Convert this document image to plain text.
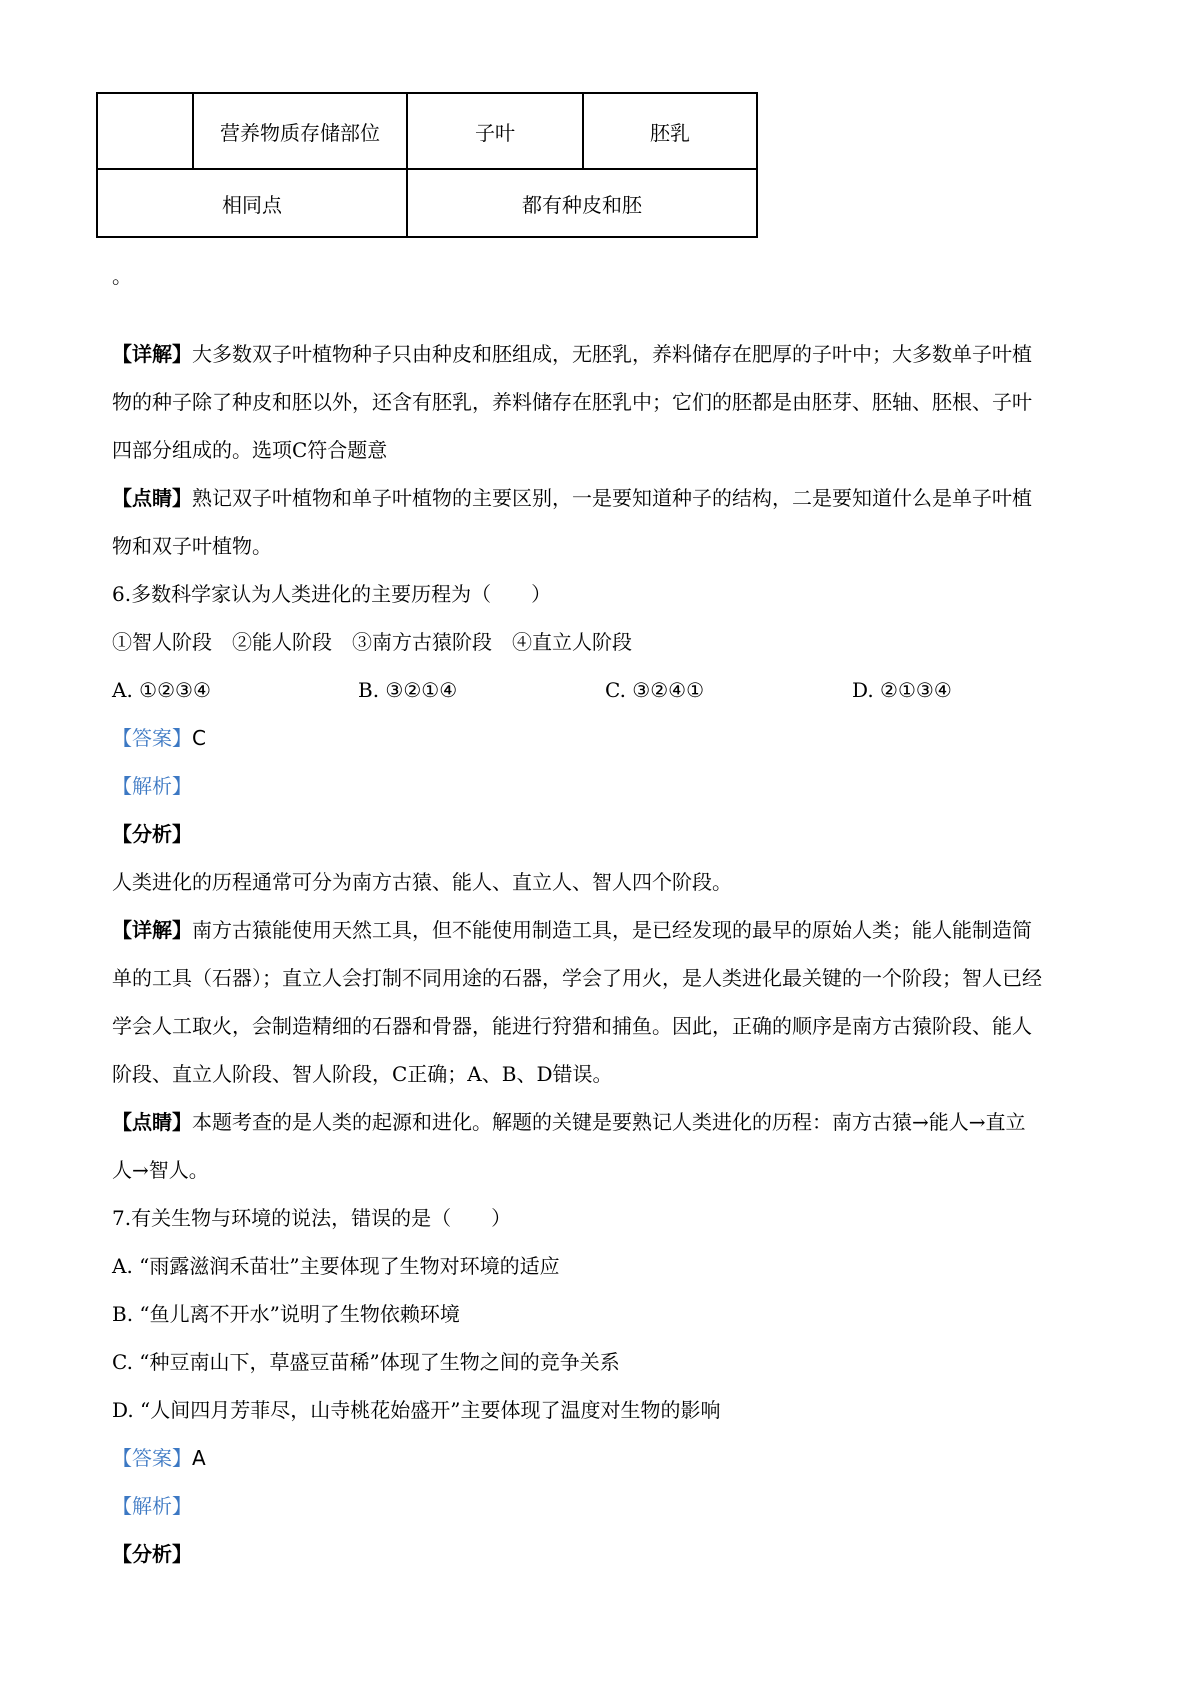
	营养物质存储部位	子叶	胚乳
相同点		都有种皮和胚	
。
【详解】大多数双子叶植物种子只由种皮和胚组成，无胚乳，养料储存在肥厚的子叶中；大多数单子叶植
物的种子除了种皮和胚以外，还含有胚乳，养料储存在胚乳中；它们的胚都是由胚芽、胚轴、胚根、子叶
四部分组成的。选项C符合题意
【点睛】熟记双子叶植物和单子叶植物的主要区别，一是要知道种子的结构，二是要知道什么是单子叶植
物和双子叶植物。
6.多数科学家认为人类进化的主要历程为（　　）
①智人阶段　②能人阶段　③南方古猿阶段　④直立人阶段
A. ①②③④	B. ③②①④	C. ③②④①	D. ②①③④
【答案】C
【解析】
【分析】
人类进化的历程通常可分为南方古猿、能人、直立人、智人四个阶段。
【详解】南方古猿能使用天然工具，但不能使用制造工具，是已经发现的最早的原始人类；能人能制造简
单的工具（石器）；直立人会打制不同用途的石器，学会了用火，是人类进化最关键的一个阶段；智人已经
学会人工取火，会制造精细的石器和骨器，能进行狩猎和捕鱼。因此，正确的顺序是南方古猿阶段、能人
阶段、直立人阶段、智人阶段，C正确；A、B、D错误。
【点睛】本题考查的是人类的起源和进化。解题的关键是要熟记人类进化的历程：南方古猿→能人→直立
人→智人。
7.有关生物与环境的说法，错误的是（　　）
A. “雨露滋润禾苗壮”主要体现了生物对环境的适应
B. “鱼儿离不开水”说明了生物依赖环境
C. “种豆南山下，草盛豆苗稀”体现了生物之间的竞争关系
D. “人间四月芳菲尽，山寺桃花始盛开”主要体现了温度对生物的影响
【答案】A
【解析】
【分析】
